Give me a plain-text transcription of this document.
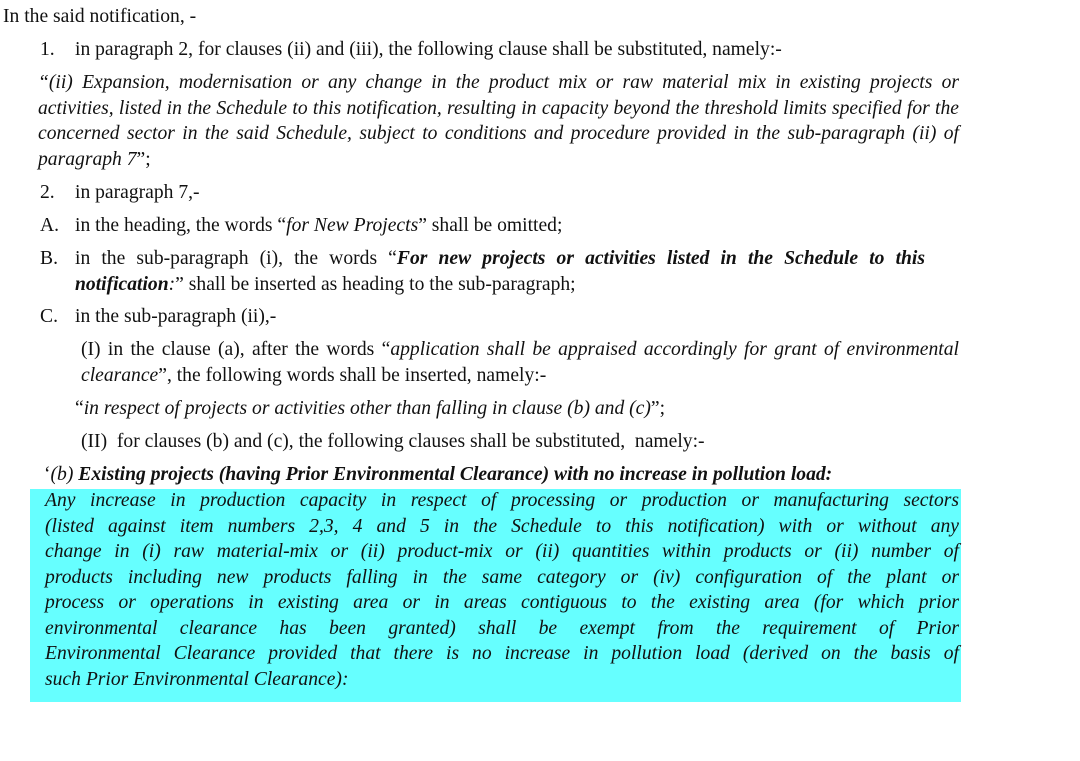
In the said notification, -
1. in paragraph 2, for clauses (ii) and (iii), the following clause shall be substituted, namely:-
“(ii) Expansion, modernisation or any change in the product mix or raw material mix in existing projects or activities, listed in the Schedule to this notification, resulting in capacity beyond the threshold limits specified for the concerned sector in the said Schedule, subject to conditions and procedure provided in the sub-paragraph (ii) of paragraph 7”;
2. in paragraph 7,-
A. in the heading, the words “for New Projects” shall be omitted;
B. in the sub-paragraph (i), the words “For new projects or activities listed in the Schedule to this notification:” shall be inserted as heading to the sub-paragraph;
C. in the sub-paragraph (ii),-
(I) in the clause (a), after the words “application shall be appraised accordingly for grant of environmental clearance”, the following words shall be inserted, namely:-
“in respect of projects or activities other than falling in clause (b) and (c)”;
(II)  for clauses (b) and (c), the following clauses shall be substituted,  namely:-
‘(b) Existing projects (having Prior Environmental Clearance) with no increase in pollution load:
Any increase in production capacity in respect of processing or production or manufacturing sectors
(listed against item numbers 2,3, 4 and 5 in the Schedule to this notification) with or without any
change in (i) raw material-mix or (ii) product-mix or (ii) quantities within products or (ii) number of
products including new products falling in the same category or (iv) configuration of the plant or
process or operations in existing area or in areas contiguous to the existing area (for which prior
environmental clearance has been granted) shall be exempt from the requirement of Prior
Environmental Clearance provided that there is no increase in pollution load (derived on the basis of
such Prior Environmental Clearance):
